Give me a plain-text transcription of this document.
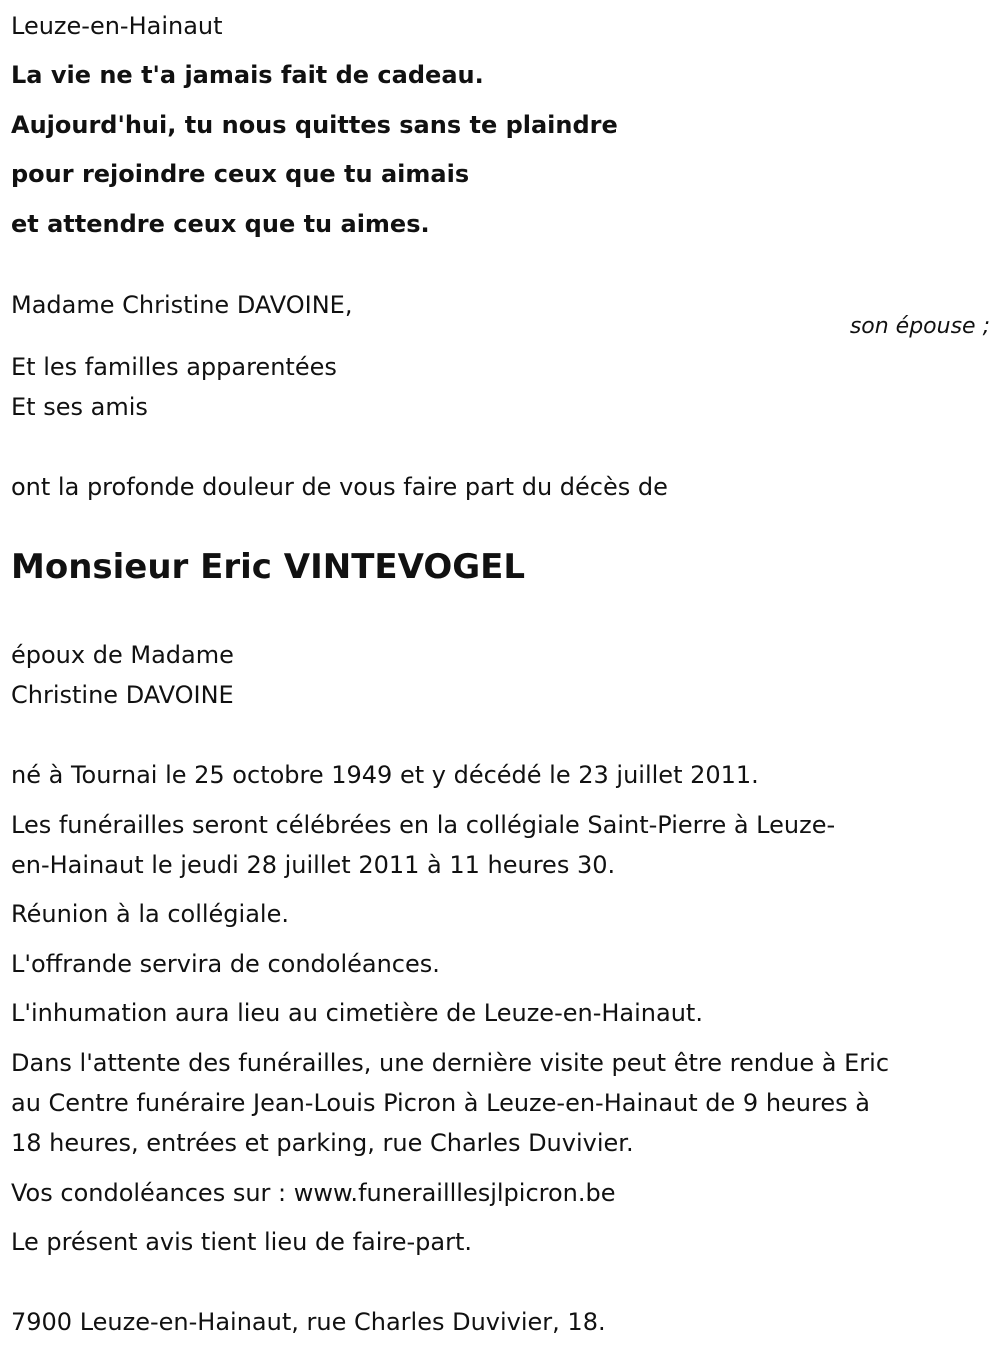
Leuze-en-Hainaut

La vie ne t'a jamais fait de cadeau.

Aujourd'hui, tu nous quittes sans te plaindre

pour rejoindre ceux que tu aimais

et attendre ceux que tu aimes.

Madame Christine DAVOINE,

son épouse ;

Et les familles apparentées

Et ses amis

ont la profonde douleur de vous faire part du décès de

Monsieur Eric VINTEVOGEL

époux de Madame

Christine DAVOINE

né à Tournai le 25 octobre 1949 et y décédé le 23 juillet 2011.

Les funérailles seront célébrées en la collégiale Saint-Pierre à Leuze-

en-Hainaut le jeudi 28 juillet 2011 à 11 heures 30.

Réunion à la collégiale.

L'offrande servira de condoléances.

L'inhumation aura lieu au cimetière de Leuze-en-Hainaut.

Dans l'attente des funérailles, une dernière visite peut être rendue à Eric

au Centre funéraire Jean-Louis Picron à Leuze-en-Hainaut de 9 heures à

18 heures, entrées et parking, rue Charles Duvivier.

Vos condoléances sur : www.funerailllesjlpicron.be

Le présent avis tient lieu de faire-part.

7900 Leuze-en-Hainaut, rue Charles Duvivier, 18.
